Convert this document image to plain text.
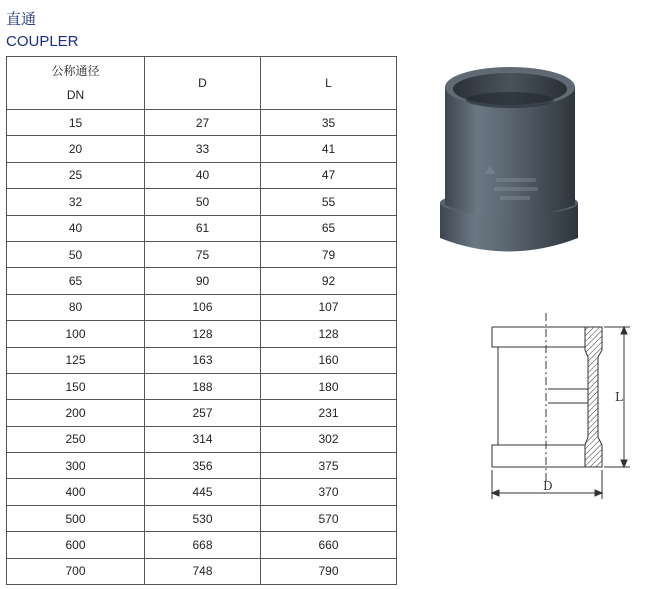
直通
COUPLER
公称通径
DN	D	L
15	27	35
20	33	41
25	40	47
32	50	55
40	61	65
50	75	79
65	90	92
80	106	107
100	128	128
125	163	160
150	188	180
200	257	231
250	314	302
300	356	375
400	445	370
500	530	570
600	668	660
700	748	790
L
D
